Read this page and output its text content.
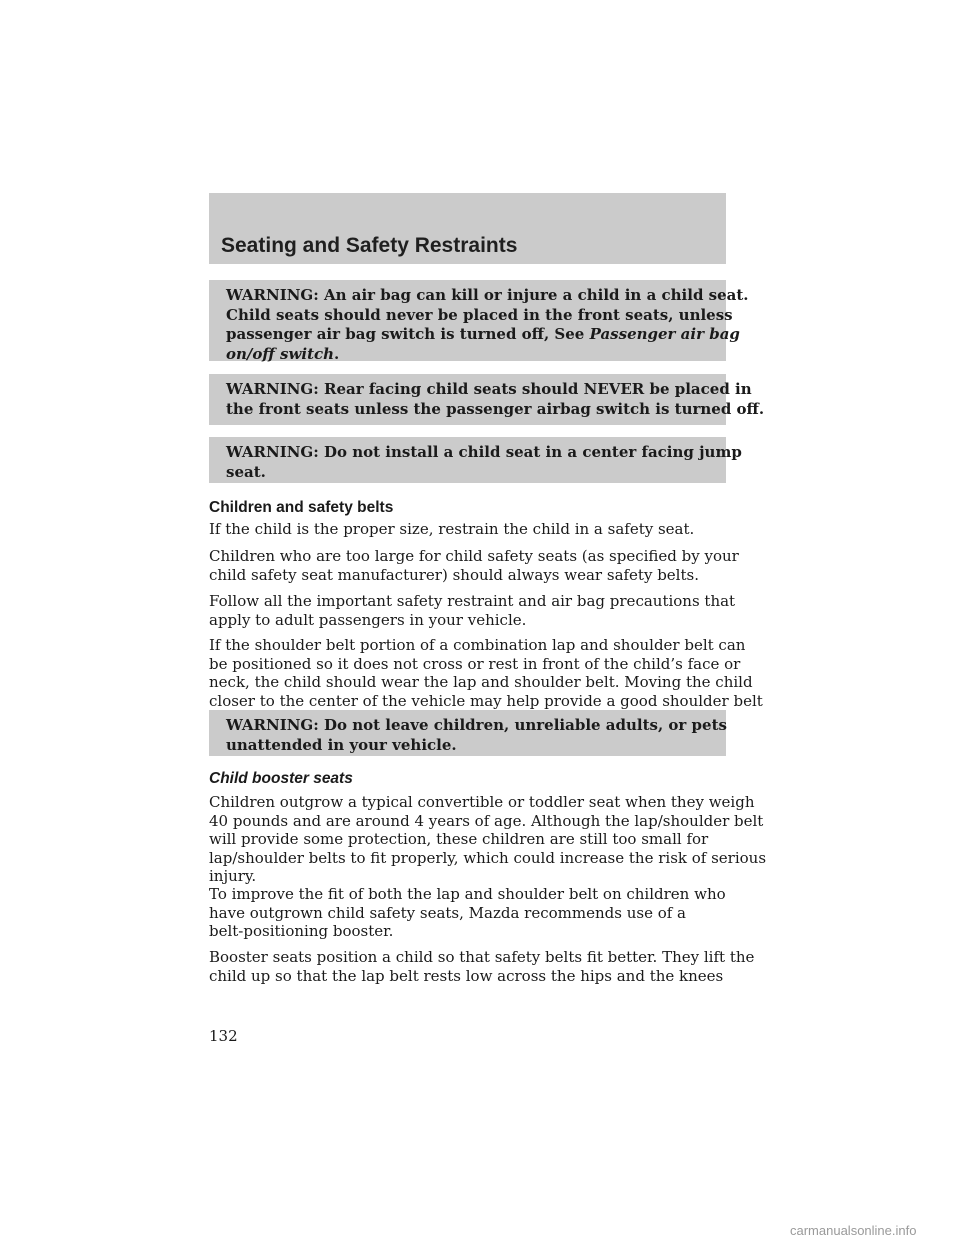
Seating and Safety Restraints
WARNING: An air bag can kill or injure a child in a child seat.
Child seats should never be placed in the front seats, unless
passenger air bag switch is turned off, See Passenger air bag
on/off switch.
WARNING: Rear facing child seats should NEVER be placed in
the front seats unless the passenger airbag switch is turned off.
WARNING: Do not install a child seat in a center facing jump
seat.
Children and safety belts
If the child is the proper size, restrain the child in a safety seat.
Children who are too large for child safety seats (as specified by your
child safety seat manufacturer) should always wear safety belts.
Follow all the important safety restraint and air bag precautions that
apply to adult passengers in your vehicle.
If the shoulder belt portion of a combination lap and shoulder belt can
be positioned so it does not cross or rest in front of the child’s face or
neck, the child should wear the lap and shoulder belt. Moving the child
closer to the center of the vehicle may help provide a good shoulder belt
WARNING: Do not leave children, unreliable adults, or pets
unattended in your vehicle.
Child booster seats
Children outgrow a typical convertible or toddler seat when they weigh
40 pounds and are around 4 years of age. Although the lap/shoulder belt
will provide some protection, these children are still too small for
lap/shoulder belts to fit properly, which could increase the risk of serious
injury.
To improve the fit of both the lap and shoulder belt on children who
have outgrown child safety seats, Mazda recommends use of a
belt-positioning booster.
Booster seats position a child so that safety belts fit better. They lift the
child up so that the lap belt rests low across the hips and the knees
132
carmanualsonline.info
